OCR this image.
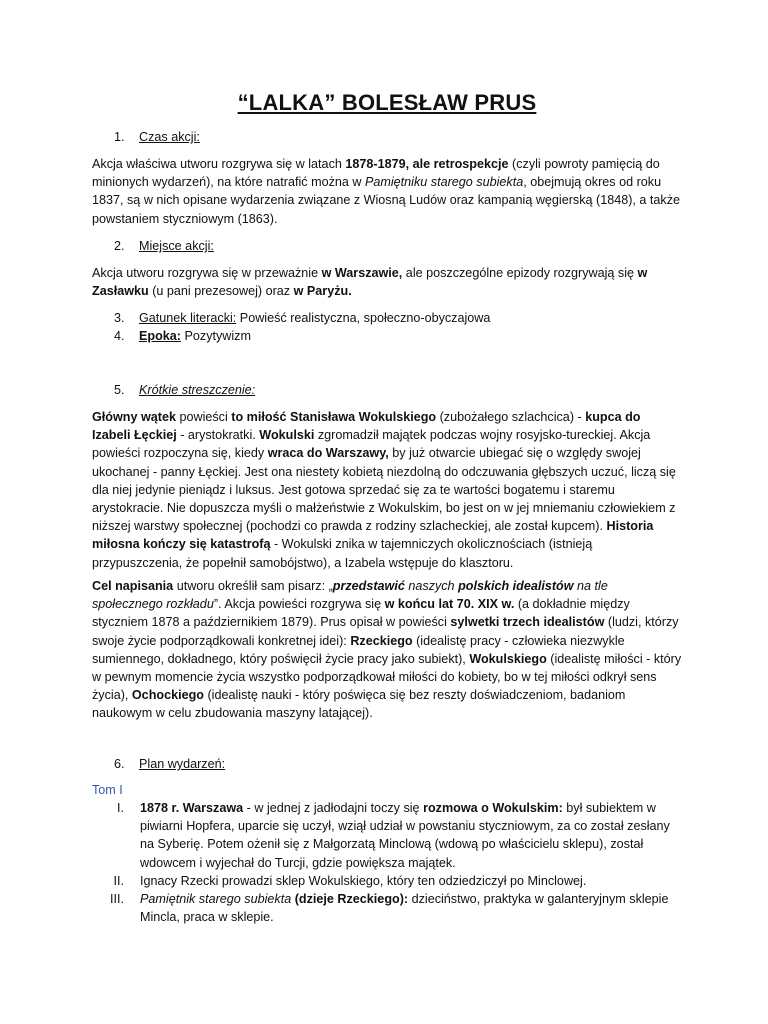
“LALKA” BOLESŁAW PRUS
1. Czas akcji:

Akcja właściwa utworu rozgrywa się w latach 1878-1879, ale retrospekcje (czyli powroty pamięcią do minionych wydarzeń), na które natrafić można w Pamiętniku starego subiekta, obejmują okres od roku 1837, są w nich opisane wydarzenia związane z Wiosną Ludów oraz kampanią węgierską (1848), a także powstaniem styczniowym (1863).

2. Miejsce akcji:

Akcja utworu rozgrywa się w przeważnie w Warszawie, ale poszczególne epizody rozgrywają się w Zasławku (u pani prezesowej) oraz w Paryżu.

3. Gatunek literacki: Powieść realistyczna, społeczno-obyczajowa
4. Epoka: Pozytywizm
5. Krótkie streszczenie:

Główny wątek powieści to miłość Stanisława Wokulskiego (zubożałego szlachcica) - kupca do Izabeli Łęckiej - arystokratki. Wokulski zgromadził majątek podczas wojny rosyjsko-tureckiej. Akcja powieści rozpoczyna się, kiedy wraca do Warszawy, by już otwarcie ubiegać się o względy swojej ukochanej - panny Łęckiej. Jest ona niestety kobietą niezdolną do odczuwania głębszych uczuć, liczą się dla niej jedynie pieniądz i luksus. Jest gotowa sprzedać się za te wartości bogatemu i staremu arystokracie. Nie dopuszcza myśli o małżeństwie z Wokulskim, bo jest on w jej mniemaniu człowiekiem z niższej warstwy społecznej (pochodzi co prawda z rodziny szlacheckiej, ale został kupcem). Historia miłosna kończy się katastrofą - Wokulski znika w tajemniczych okolicznościach (istnieją przypuszczenia, że popełnił samobójstwo), a Izabela wstępuje do klasztoru.

Cel napisania utworu określił sam pisarz: „przedstawić naszych polskich idealistów na tle społecznego rozkładu”. Akcja powieści rozgrywa się w końcu lat 70. XIX w. (a dokładnie między styczniem 1878 a październikiem 1879). Prus opisał w powieści sylwetki trzech idealistów (ludzi, którzy swoje życie podporządkowali konkretnej idei): Rzeckiego (idealistę pracy - człowieka niezwykle sumiennego, dokładnego, który poświęcił życie pracy jako subiekt), Wokulskiego (idealistę miłości - który w pewnym momencie życia wszystko podporządkował miłości do kobiety, bo w tej miłości odkrył sens życia), Ochockiego (idealistę nauki - który poświęca się bez reszty doświadczeniom, badaniom naukowym w celu zbudowania maszyny latającej).

6. Plan wydarzeń:
Tom I
I. 1878 r. Warszawa - w jednej z jadłodajni toczy się rozmowa o Wokulskim: był subiektem w piwiarni Hopfera, uparcie się uczył, wziął udział w powstaniu styczniowym, za co został zesłany na Syberię. Potem ożenił się z Małgorzatą Minclową (wdową po właścicielu sklepu), został wdowcem i wyjechał do Turcji, gdzie powiększa majątek.
II. Ignacy Rzecki prowadzi sklep Wokulskiego, który ten odziedziczył po Minclowej.
III. Pamiętnik starego subiekta (dzieje Rzeckiego): dzieciństwo, praktyka w galanteryjnym sklepie Mincla, praca w sklepie.
